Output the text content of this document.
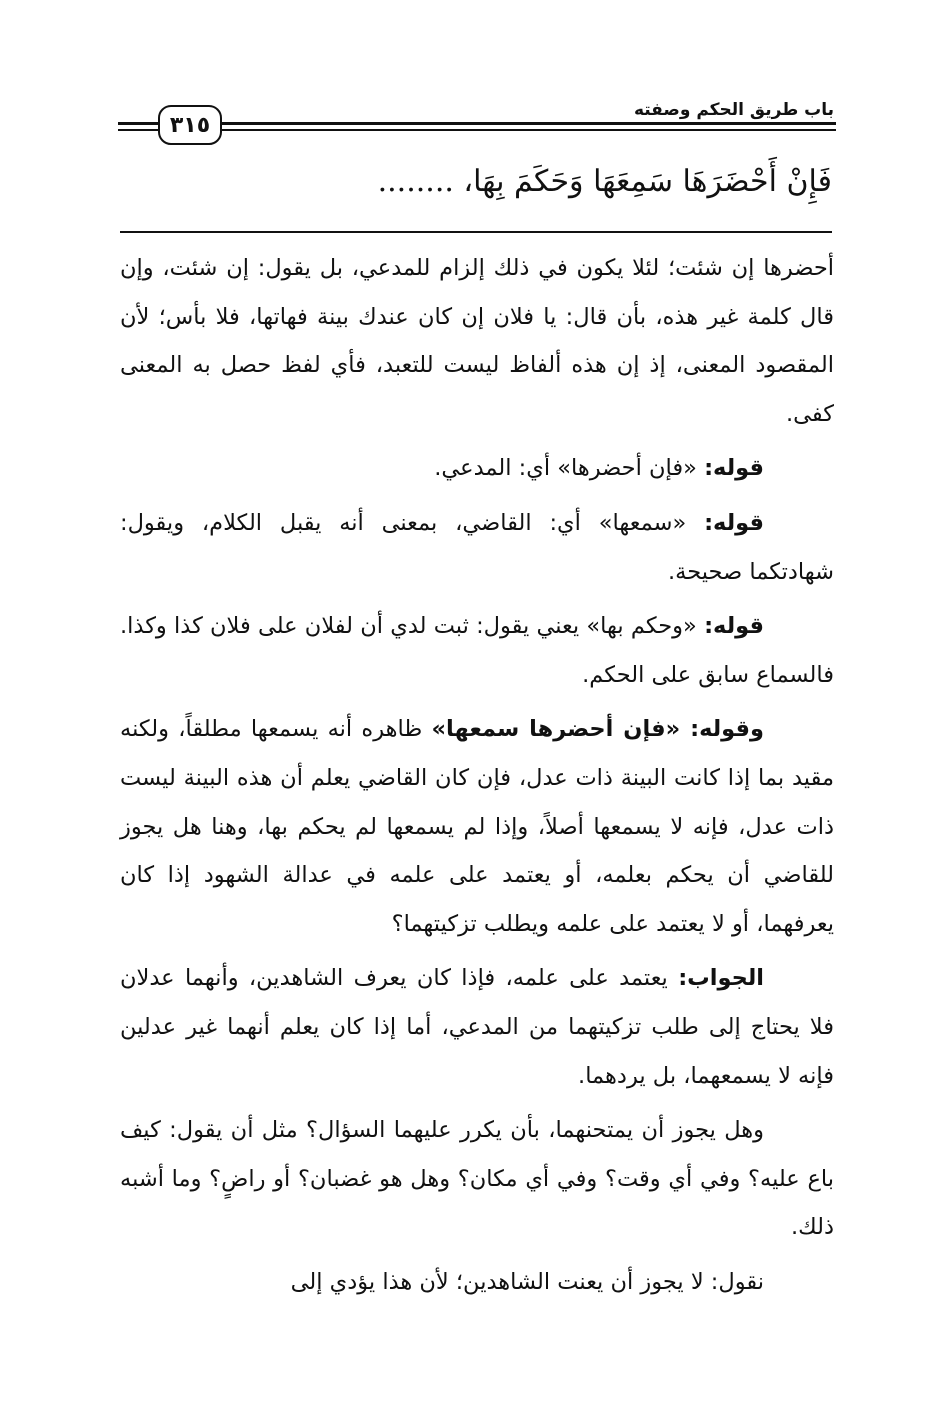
باب طريق الحكم وصفته
٣١٥
فَإِنْ أَحْضَرَهَا سَمِعَهَا وَحَكَمَ بِهَا، ........

أحضرها إن شئت؛ لئلا يكون في ذلك إلزام للمدعي، بل يقول: إن شئت، وإن قال كلمة غير هذه، بأن قال: يا فلان إن كان عندك بينة فهاتها، فلا بأس؛ لأن المقصود المعنى، إذ إن هذه ألفاظ ليست للتعبد، فأي لفظ حصل به المعنى كفى.

قوله: «فإن أحضرها» أي: المدعي.

قوله: «سمعها» أي: القاضي، بمعنى أنه يقبل الكلام، ويقول: شهادتكما صحيحة.

قوله: «وحكم بها» يعني يقول: ثبت لدي أن لفلان على فلان كذا وكذا. فالسماع سابق على الحكم.

وقوله: «فإن أحضرها سمعها» ظاهره أنه يسمعها مطلقاً، ولكنه مقيد بما إذا كانت البينة ذات عدل، فإن كان القاضي يعلم أن هذه البينة ليست ذات عدل، فإنه لا يسمعها أصلاً، وإذا لم يسمعها لم يحكم بها، وهنا هل يجوز للقاضي أن يحكم بعلمه، أو يعتمد على علمه في عدالة الشهود إذا كان يعرفهما، أو لا يعتمد على علمه ويطلب تزكيتهما؟

الجواب: يعتمد على علمه، فإذا كان يعرف الشاهدين، وأنهما عدلان فلا يحتاج إلى طلب تزكيتهما من المدعي، أما إذا كان يعلم أنهما غير عدلين فإنه لا يسمعهما، بل يردهما.

وهل يجوز أن يمتحنهما، بأن يكرر عليهما السؤال؟ مثل أن يقول: كيف باع عليه؟ وفي أي وقت؟ وفي أي مكان؟ وهل هو غضبان؟ أو راضٍ؟ وما أشبه ذلك.

نقول: لا يجوز أن يعنت الشاهدين؛ لأن هذا يؤدي إلى
